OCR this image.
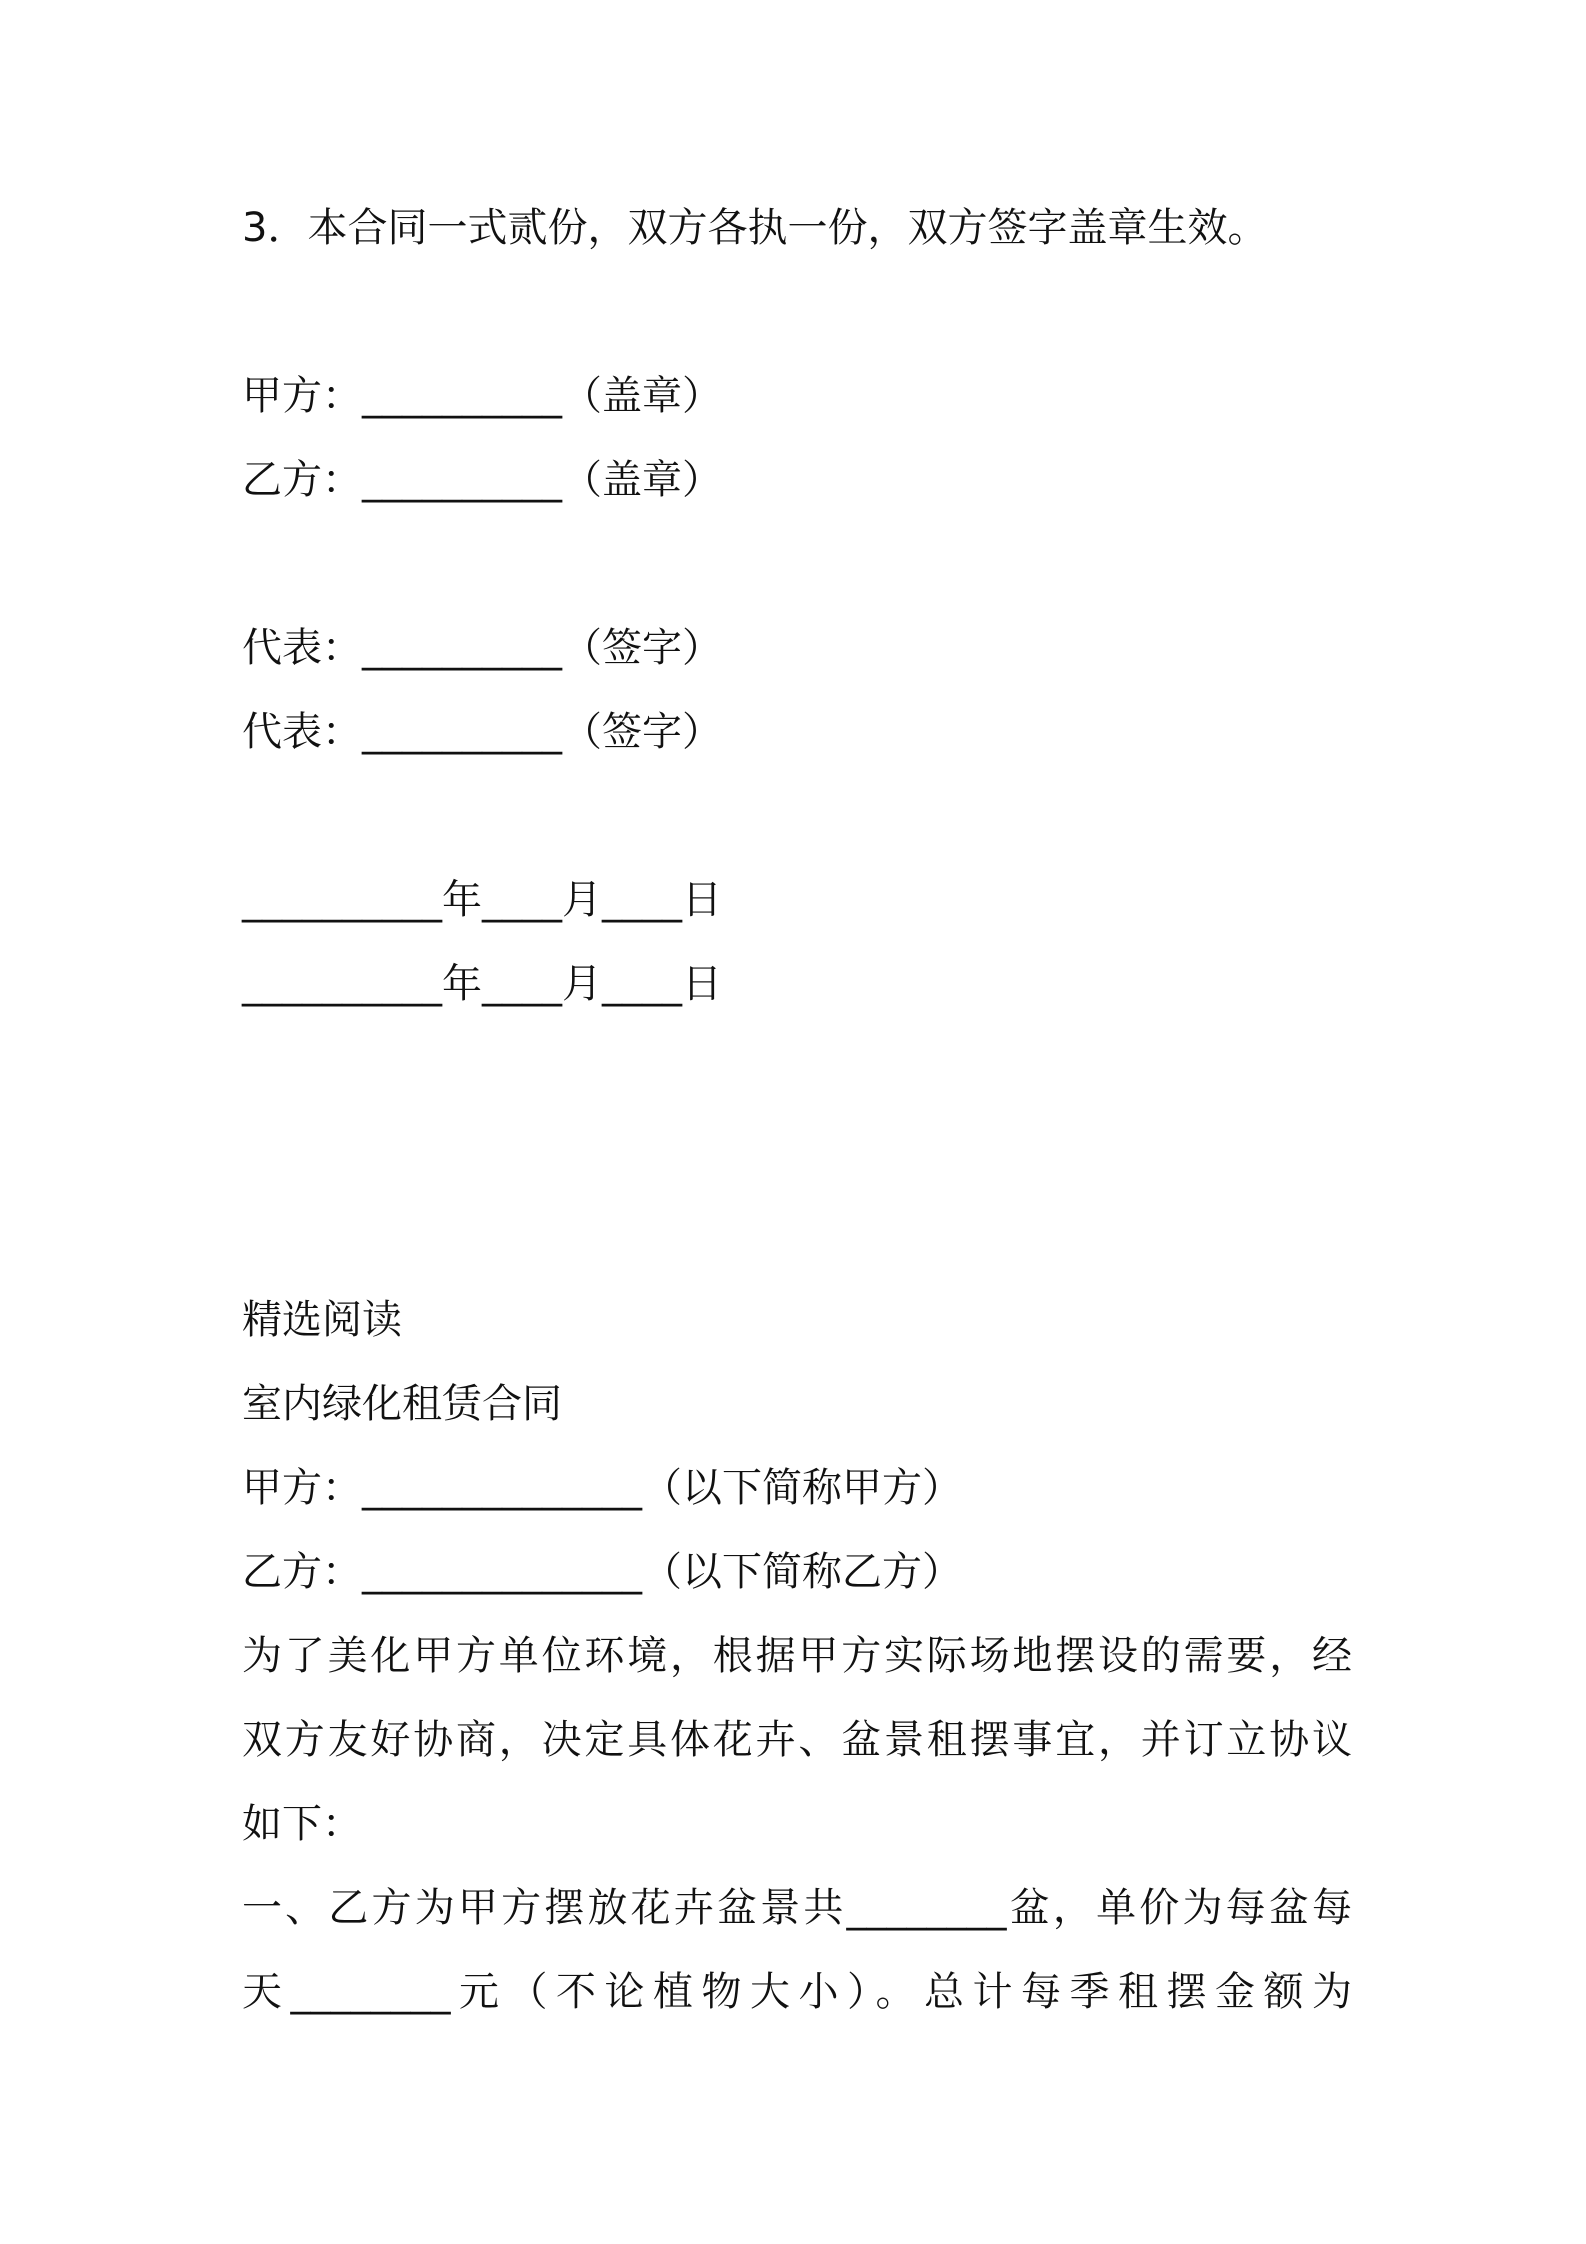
3．本合同一式贰份，双方各执一份，双方签字盖章生效。

甲方：__________（盖章）

乙方：__________（盖章）

代表：__________（签字）

代表：__________（签字）

__________年____月____日

__________年____月____日

精选阅读

室内绿化租赁合同

甲方：______________（以下简称甲方）

乙方：______________（以下简称乙方）

为了美化甲方单位环境，根据甲方实际场地摆设的需要，经

双方友好协商，决定具体花卉、盆景租摆事宜，并订立协议

如下：

一、乙方为甲方摆放花卉盆景共________盆，单价为每盆每

天________元（不论植物大小）。总计每季租摆金额为
